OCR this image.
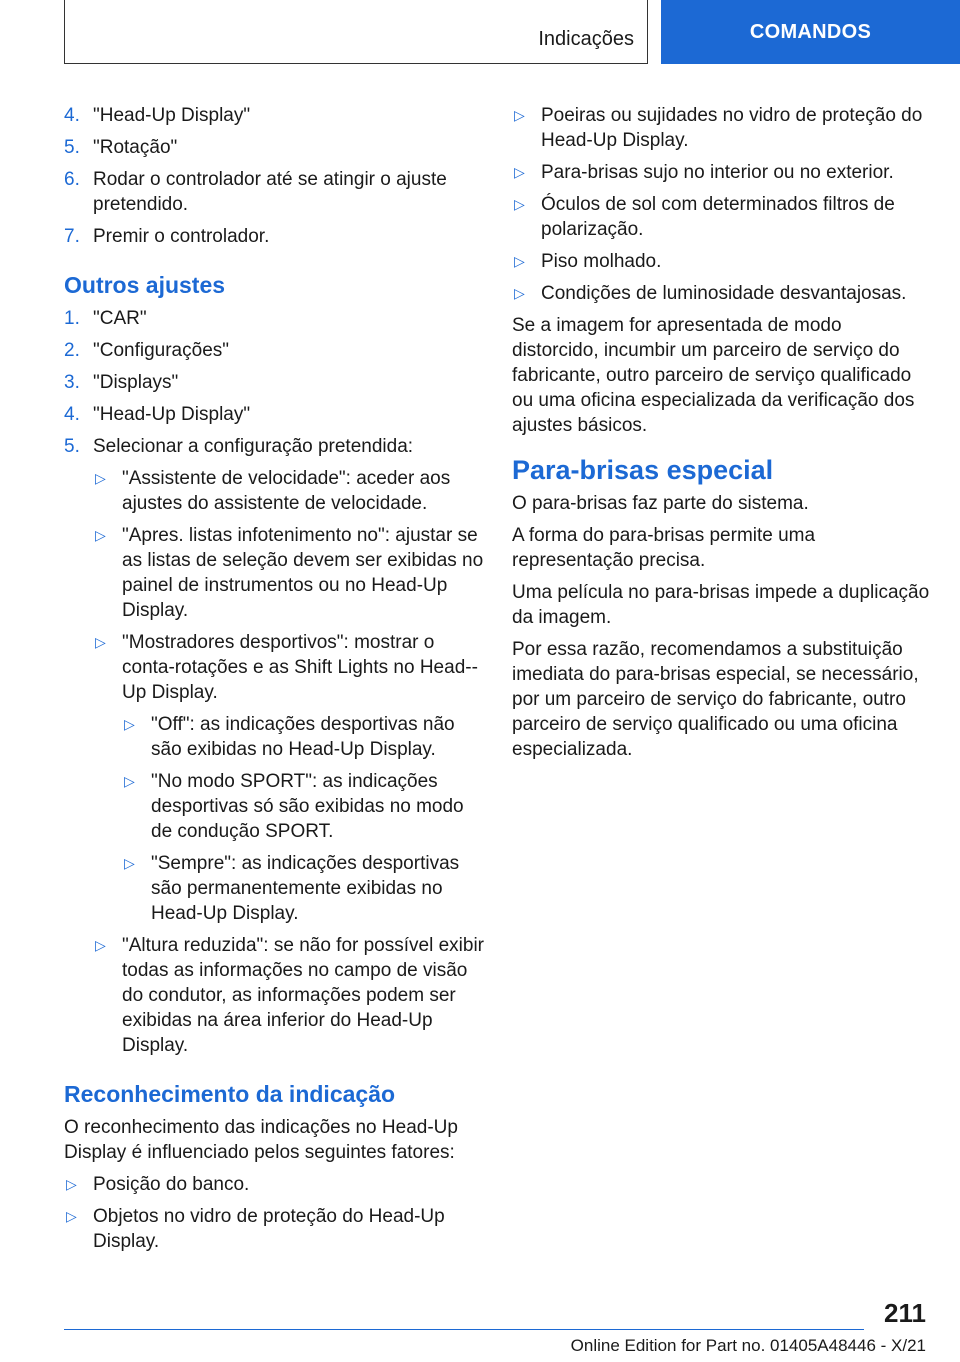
Indicações	COMANDOS
4. "Head-Up Display"
5. "Rotação"
6. Rodar o controlador até se atingir o ajuste pretendido.
7. Premir o controlador.
Outros ajustes
1. "CAR"
2. "Configurações"
3. "Displays"
4. "Head-Up Display"
5. Selecionar a configuração pretendida:
▷ "Assistente de velocidade": aceder aos ajustes do assistente de velocidade.
▷ "Apres. listas infotenimento no": ajustar se as listas de seleção devem ser exibidas no painel de instrumentos ou no Head-Up Display.
▷ "Mostradores desportivos": mostrar o conta-rotações e as Shift Lights no Head--Up Display.
▷ "Off": as indicações desportivas não são exibidas no Head-Up Display.
▷ "No modo SPORT": as indicações desportivas só são exibidas no modo de condução SPORT.
▷ "Sempre": as indicações desportivas são permanentemente exibidas no Head-Up Display.
▷ "Altura reduzida": se não for possível exibir todas as informações no campo de visão do condutor, as informações podem ser exibidas na área inferior do Head-Up Display.
Reconhecimento da indicação
O reconhecimento das indicações no Head-Up Display é influenciado pelos seguintes fatores:
▷ Posição do banco.
▷ Objetos no vidro de proteção do Head-Up Display.
▷ Poeiras ou sujidades no vidro de proteção do Head-Up Display.
▷ Para-brisas sujo no interior ou no exterior.
▷ Óculos de sol com determinados filtros de polarização.
▷ Piso molhado.
▷ Condições de luminosidade desvantajosas.
Se a imagem for apresentada de modo distorcido, incumbir um parceiro de serviço do fabricante, outro parceiro de serviço qualificado ou uma oficina especializada da verificação dos ajustes básicos.
Para-brisas especial
O para-brisas faz parte do sistema.
A forma do para-brisas permite uma representação precisa.
Uma película no para-brisas impede a duplicação da imagem.
Por essa razão, recomendamos a substituição imediata do para-brisas especial, se necessário, por um parceiro de serviço do fabricante, outro parceiro de serviço qualificado ou uma oficina especializada.
211
Online Edition for Part no. 01405A48446 - X/21
